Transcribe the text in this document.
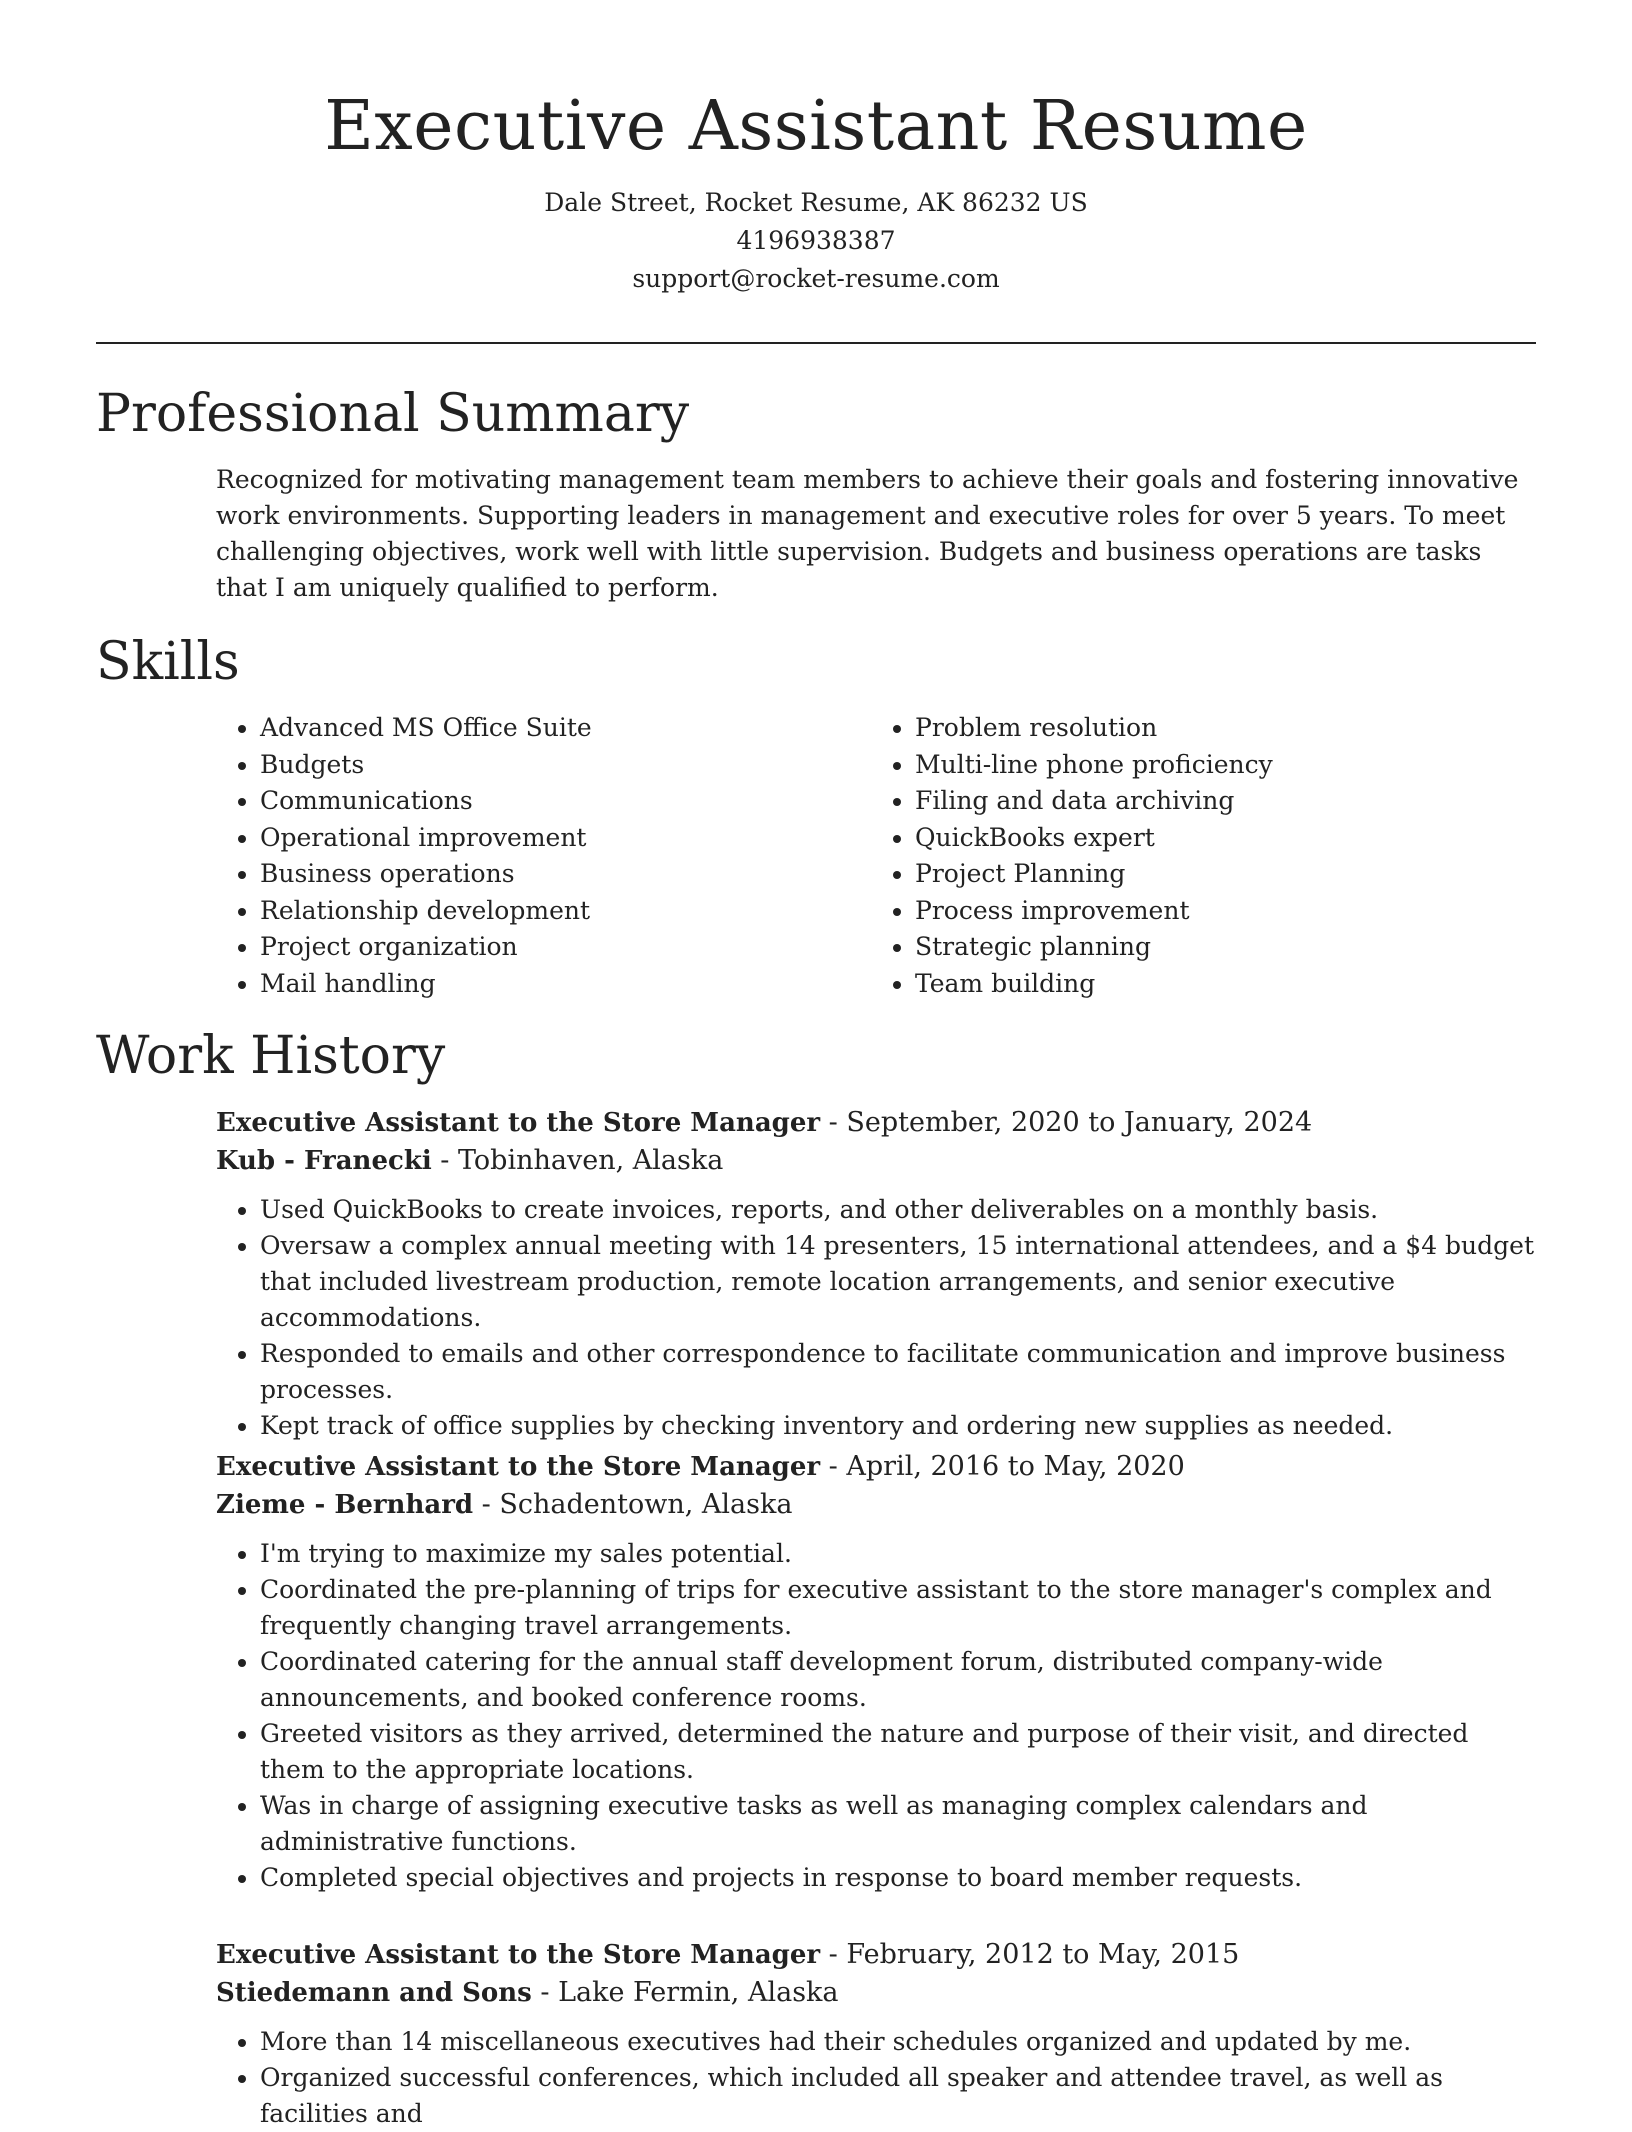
Executive Assistant Resume

Dale Street, Rocket Resume, AK 86232 US

4196938387

support@rocket-resume.com

Professional Summary

Recognized for motivating management team members to achieve their goals and fostering innovative work environments. Supporting leaders in management and executive roles for over 5 years. To meet challenging objectives, work well with little supervision. Budgets and business operations are tasks that I am uniquely qualified to perform.

Skills
• Advanced MS Office Suite
• Budgets
• Communications
• Operational improvement
• Business operations
• Relationship development
• Project organization
• Mail handling
• Problem resolution
• Multi-line phone proficiency
• Filing and data archiving
• QuickBooks expert
• Project Planning
• Process improvement
• Strategic planning
• Team building
Work History

Executive Assistant to the Store Manager - September, 2020 to January, 2024

Kub - Franecki - Tobinhaven, Alaska

• Used QuickBooks to create invoices, reports, and other deliverables on a monthly basis.
• Oversaw a complex annual meeting with 14 presenters, 15 international attendees, and a $4 budget that included livestream production, remote location arrangements, and senior executive accommodations.
• Responded to emails and other correspondence to facilitate communication and improve business processes.
• Kept track of office supplies by checking inventory and ordering new supplies as needed.

Executive Assistant to the Store Manager - April, 2016 to May, 2020

Zieme - Bernhard - Schadentown, Alaska

• I'm trying to maximize my sales potential.
• Coordinated the pre-planning of trips for executive assistant to the store manager's complex and frequently changing travel arrangements.
• Coordinated catering for the annual staff development forum, distributed company-wide announcements, and booked conference rooms.
• Greeted visitors as they arrived, determined the nature and purpose of their visit, and directed them to the appropriate locations.
• Was in charge of assigning executive tasks as well as managing complex calendars and administrative functions.
• Completed special objectives and projects in response to board member requests.

Executive Assistant to the Store Manager - February, 2012 to May, 2015

Stiedemann and Sons - Lake Fermin, Alaska

• More than 14 miscellaneous executives had their schedules organized and updated by me.
• Organized successful conferences, which included all speaker and attendee travel, as well as facilities and
